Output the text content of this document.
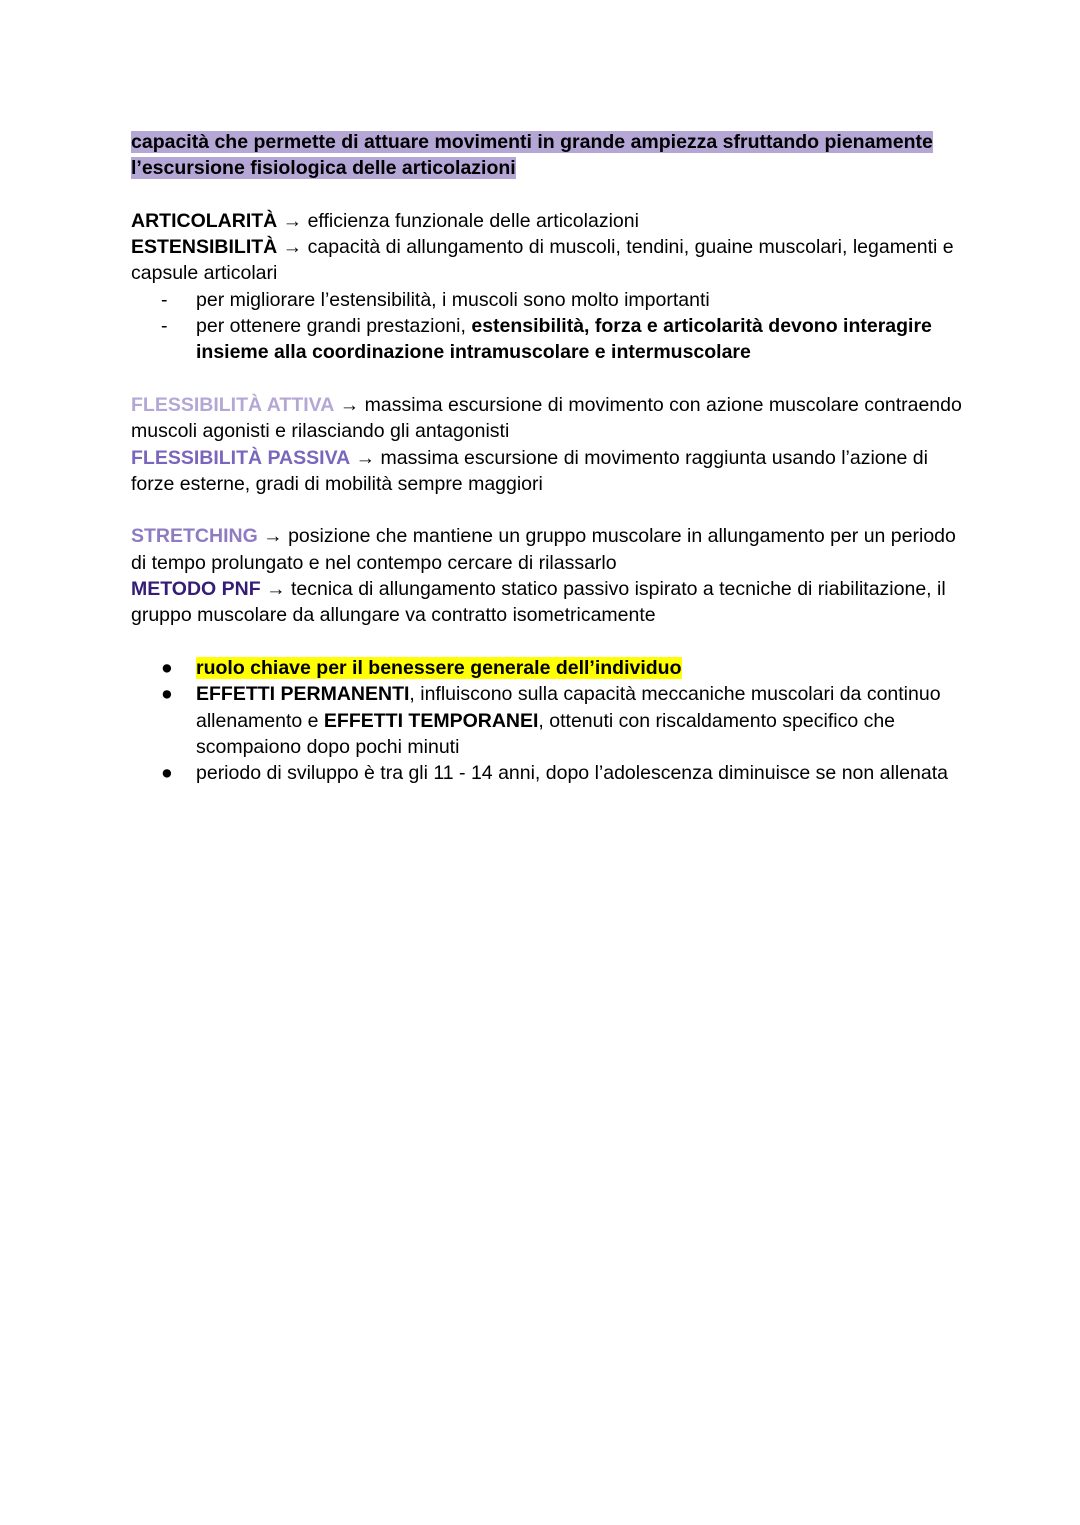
capacità che permette di attuare movimenti in grande ampiezza sfruttando pienamente l’escursione fisiologica delle articolazioni

ARTICOLARITÀ → efficienza funzionale delle articolazioni

ESTENSIBILITÀ → capacità di allungamento di muscoli, tendini, guaine muscolari, legamenti e capsule articolari

- per migliorare l’estensibilità, i muscoli sono molto importanti
- per ottenere grandi prestazioni, estensibilità, forza e articolarità devono interagire insieme alla coordinazione intramuscolare e intermuscolare

FLESSIBILITÀ ATTIVA → massima escursione di movimento con azione muscolare contraendo muscoli agonisti e rilasciando gli antagonisti

FLESSIBILITÀ PASSIVA → massima escursione di movimento raggiunta usando l’azione di forze esterne, gradi di mobilità sempre maggiori

STRETCHING → posizione che mantiene un gruppo muscolare in allungamento per un periodo di tempo prolungato e nel contempo cercare di rilassarlo

METODO PNF → tecnica di allungamento statico passivo ispirato a tecniche di riabilitazione, il gruppo muscolare da allungare va contratto isometricamente

● ruolo chiave per il benessere generale dell’individuo
● EFFETTI PERMANENTI, influiscono sulla capacità meccaniche muscolari da continuo allenamento e EFFETTI TEMPORANEI, ottenuti con riscaldamento specifico che scompaiono dopo pochi minuti
● periodo di sviluppo è tra gli 11 - 14 anni, dopo l’adolescenza diminuisce se non allenata
